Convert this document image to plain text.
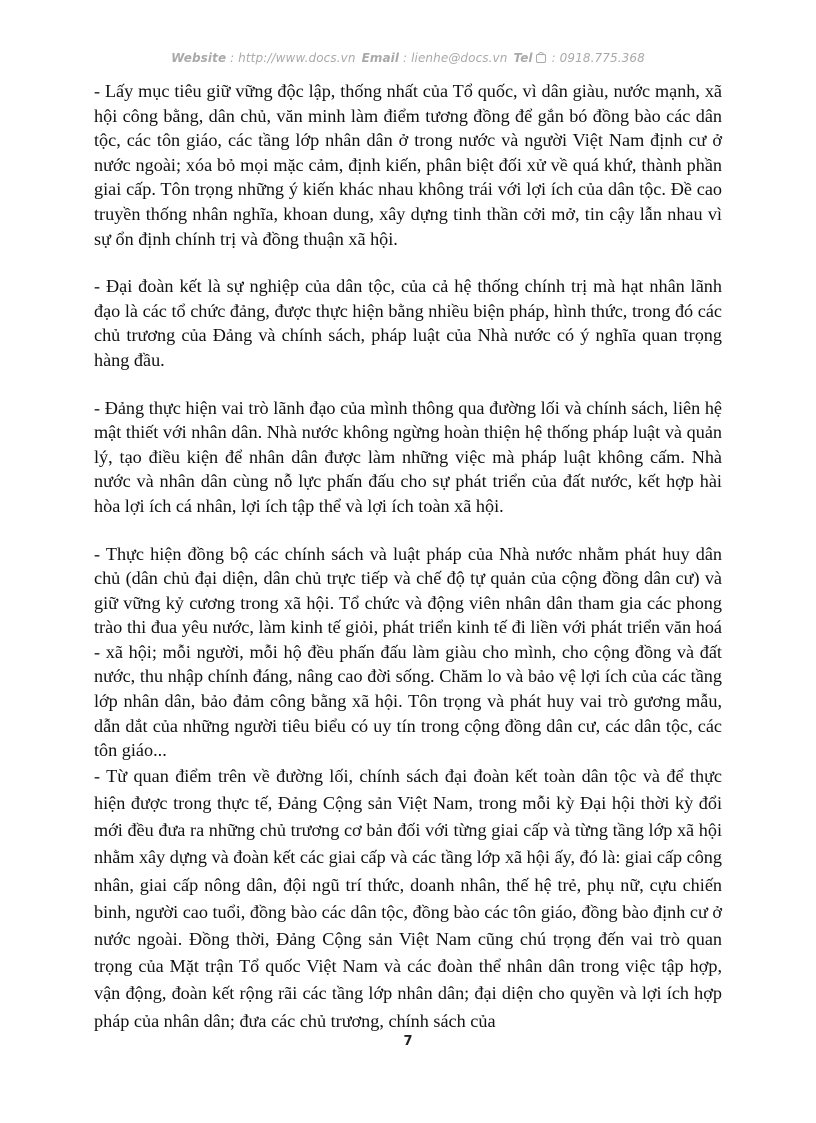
Website : http://www.docs.vn Email : lienhe@docs.vn Tel : 0918.775.368

- Lấy mục tiêu giữ vững độc lập, thống nhất của Tổ quốc, vì dân giàu, nước mạnh, xã hội công bằng, dân chủ, văn minh làm điểm tương đồng để gắn bó đồng bào các dân tộc, các tôn giáo, các tầng lớp nhân dân ở trong nước và người Việt Nam định cư ở nước ngoài; xóa bỏ mọi mặc cảm, định kiến, phân biệt đối xử về quá khứ, thành phần giai cấp. Tôn trọng những ý kiến khác nhau không trái với lợi ích của dân tộc. Đề cao truyền thống nhân nghĩa, khoan dung, xây dựng tinh thần cởi mở, tin cậy lẫn nhau vì sự ổn định chính trị và đồng thuận xã hội.

- Đại đoàn kết là sự nghiệp của dân tộc, của cả hệ thống chính trị mà hạt nhân lãnh đạo là các tổ chức đảng, được thực hiện bằng nhiều biện pháp, hình thức, trong đó các chủ trương của Đảng và chính sách, pháp luật của Nhà nước có ý nghĩa quan trọng hàng đầu.

- Đảng thực hiện vai trò lãnh đạo của mình thông qua đường lối và chính sách, liên hệ mật thiết với nhân dân. Nhà nước không ngừng hoàn thiện hệ thống pháp luật và quản lý, tạo điều kiện để nhân dân được làm những việc mà pháp luật không cấm. Nhà nước và nhân dân cùng nỗ lực phấn đấu cho sự phát triển của đất nước, kết hợp hài hòa lợi ích cá nhân, lợi ích tập thể và lợi ích toàn xã hội.

- Thực hiện đồng bộ các chính sách và luật pháp của Nhà nước nhằm phát huy dân chủ (dân chủ đại diện, dân chủ trực tiếp và chế độ tự quản của cộng đồng dân cư) và giữ vững kỷ cương trong xã hội. Tổ chức và động viên nhân dân tham gia các phong trào thi đua yêu nước, làm kinh tế giỏi, phát triển kinh tế đi liền với phát triển văn hoá - xã hội; mỗi người, mỗi hộ đều phấn đấu làm giàu cho mình, cho cộng đồng và đất nước, thu nhập chính đáng, nâng cao đời sống. Chăm lo và bảo vệ lợi ích của các tầng lớp nhân dân, bảo đảm công bằng xã hội. Tôn trọng và phát huy vai trò gương mẫu, dẫn dắt của những người tiêu biểu có uy tín trong cộng đồng dân cư, các dân tộc, các tôn giáo...

- Từ quan điểm trên về đường lối, chính sách đại đoàn kết toàn dân tộc và để thực hiện được trong thực tế, Đảng Cộng sản Việt Nam, trong mỗi kỳ Đại hội thời kỳ đổi mới đều đưa ra những chủ trương cơ bản đối với từng giai cấp và từng tầng lớp xã hội nhằm xây dựng và đoàn kết các giai cấp và các tầng lớp xã hội ấy, đó là: giai cấp công nhân, giai cấp nông dân, đội ngũ trí thức, doanh nhân, thế hệ trẻ, phụ nữ, cựu chiến binh, người cao tuổi, đồng bào các dân tộc, đồng bào các tôn giáo, đồng bào định cư ở nước ngoài. Đồng thời, Đảng Cộng sản Việt Nam cũng chú trọng đến vai trò quan trọng của Mặt trận Tổ quốc Việt Nam và các đoàn thể nhân dân trong việc tập hợp, vận động, đoàn kết rộng rãi các tầng lớp nhân dân; đại diện cho quyền và lợi ích hợp pháp của nhân dân; đưa các chủ trương, chính sách của

7
